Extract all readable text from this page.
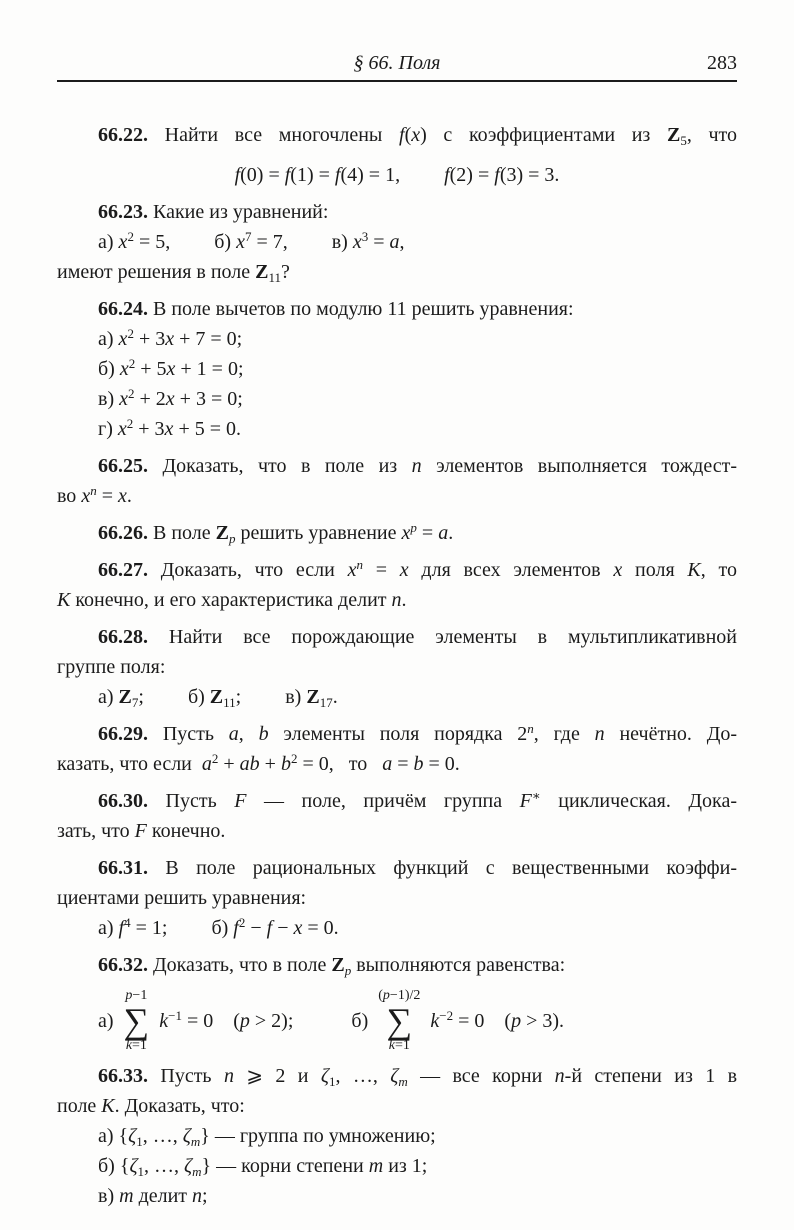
§ 66. Поля	283

66.22. Найти все многочлены f(x) с коэффициентами из $Z_5$, что

f(0) = f(1) = f(4) = 1, f(2) = f(3) = 3.

66.23. Какие из уравнений:

а) $x^2 = 5$, б) $x^7 = 7$, в) $x^3 = a$,

имеют решения в поле $Z_{11}$?

66.24. В поле вычетов по модулю 11 решить уравнения:

а) $x^2 + 3x + 7 = 0$;

б) $x^2 + 5x + 1 = 0$;

в) $x^2 + 2x + 3 = 0$;

г) $x^2 + 3x + 5 = 0$.

66.25. Доказать, что в поле из n элементов выполняется тождест-

во $x^n = x$.

66.26. В поле $Z_p$ решить уравнение $x^p = a$.

66.27. Доказать, что если $x^n = x$ для всех элементов x поля K, то

K конечно, и его характеристика делит n.

66.28. Найти все порождающие элементы в мультипликативной

группе поля:

а) $Z_7$; б) $Z_{11}$; в) $Z_{17}$.

66.29. Пусть a, b элементы поля порядка 2$^n$, где n нечётно. До-

казать, что если $a^2$ + ab + $b^2 = 0$,  то  a = b = 0.

66.30. Пусть F — поле, причём группа F∗ циклическая. Дока-

зать, что F конечно.

66.31. В поле рациональных функций с вещественными коэффи-

циентами решить уравнения:

а) $f^4 = 1$; б) $f^2 - f - x = 0$.

66.32. Доказать, что в поле $Z_p$ выполняются равенства:

а)
p−1
∑
k=1
$k^{-1} = 0$  (p > 2);	б)
(p−1)/2
∑
k=1
$k^{-2} = 0$  (p > 3).

66.33. Пусть n ⩾ 2 и $\zeta_1$, …, $\zeta_m$ — все корни n-й степени из 1 в

поле K. Доказать, что:

а) {$\zeta_1$, …, $\zeta_m$} — группа по умножению;

б) {$\zeta_1$, …, $\zeta_m$} — корни степени m из 1;

в) m делит n;
